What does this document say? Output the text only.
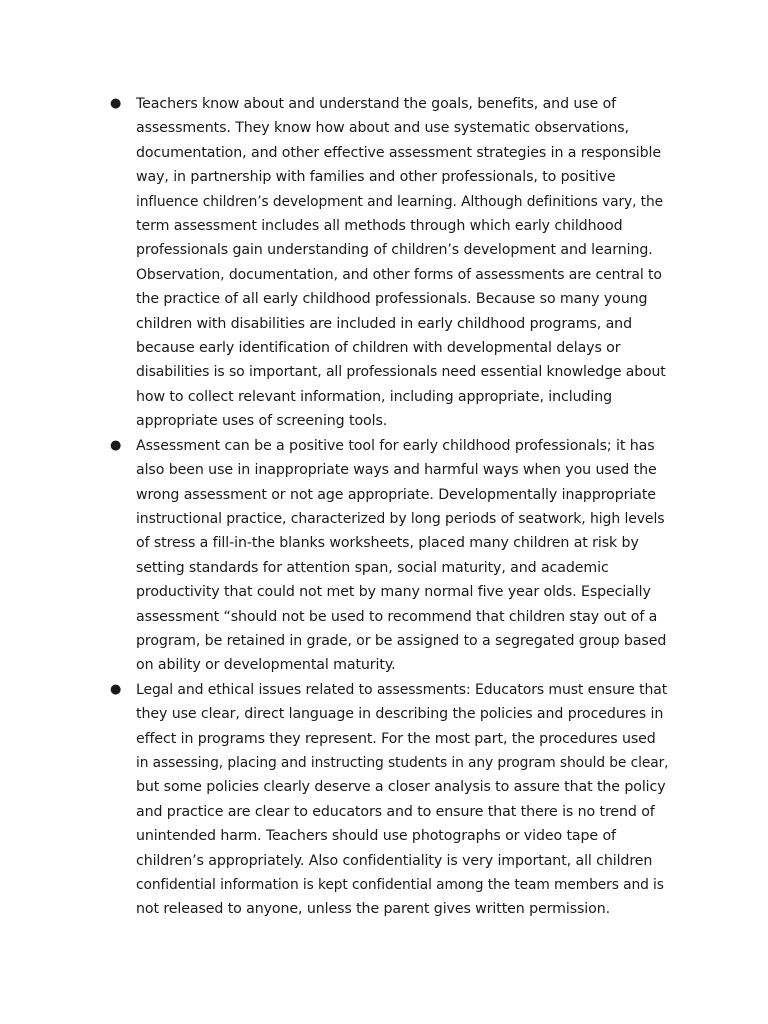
● Teachers know about and understand the goals, benefits, and use of
assessments. They know how about and use systematic observations,
documentation, and other effective assessment strategies in a responsible
way, in partnership with families and other professionals, to positive
influence children’s development and learning. Although definitions vary, the
term assessment includes all methods through which early childhood
professionals gain understanding of children’s development and learning.
Observation, documentation, and other forms of assessments are central to
the practice of all early childhood professionals. Because so many young
children with disabilities are included in early childhood programs, and
because early identification of children with developmental delays or
disabilities is so important, all professionals need essential knowledge about
how to collect relevant information, including appropriate, including
appropriate uses of screening tools.
● Assessment can be a positive tool for early childhood professionals; it has
also been use in inappropriate ways and harmful ways when you used the
wrong assessment or not age appropriate. Developmentally inappropriate
instructional practice, characterized by long periods of seatwork, high levels
of stress a fill-in-the blanks worksheets, placed many children at risk by
setting standards for attention span, social maturity, and academic
productivity that could not met by many normal five year olds. Especially
assessment “should not be used to recommend that children stay out of a
program, be retained in grade, or be assigned to a segregated group based
on ability or developmental maturity.
● Legal and ethical issues related to assessments: Educators must ensure that
they use clear, direct language in describing the policies and procedures in
effect in programs they represent. For the most part, the procedures used
in assessing, placing and instructing students in any program should be clear,
but some policies clearly deserve a closer analysis to assure that the policy
and practice are clear to educators and to ensure that there is no trend of
unintended harm. Teachers should use photographs or video tape of
children’s appropriately. Also confidentiality is very important, all children
confidential information is kept confidential among the team members and is
not released to anyone, unless the parent gives written permission.
